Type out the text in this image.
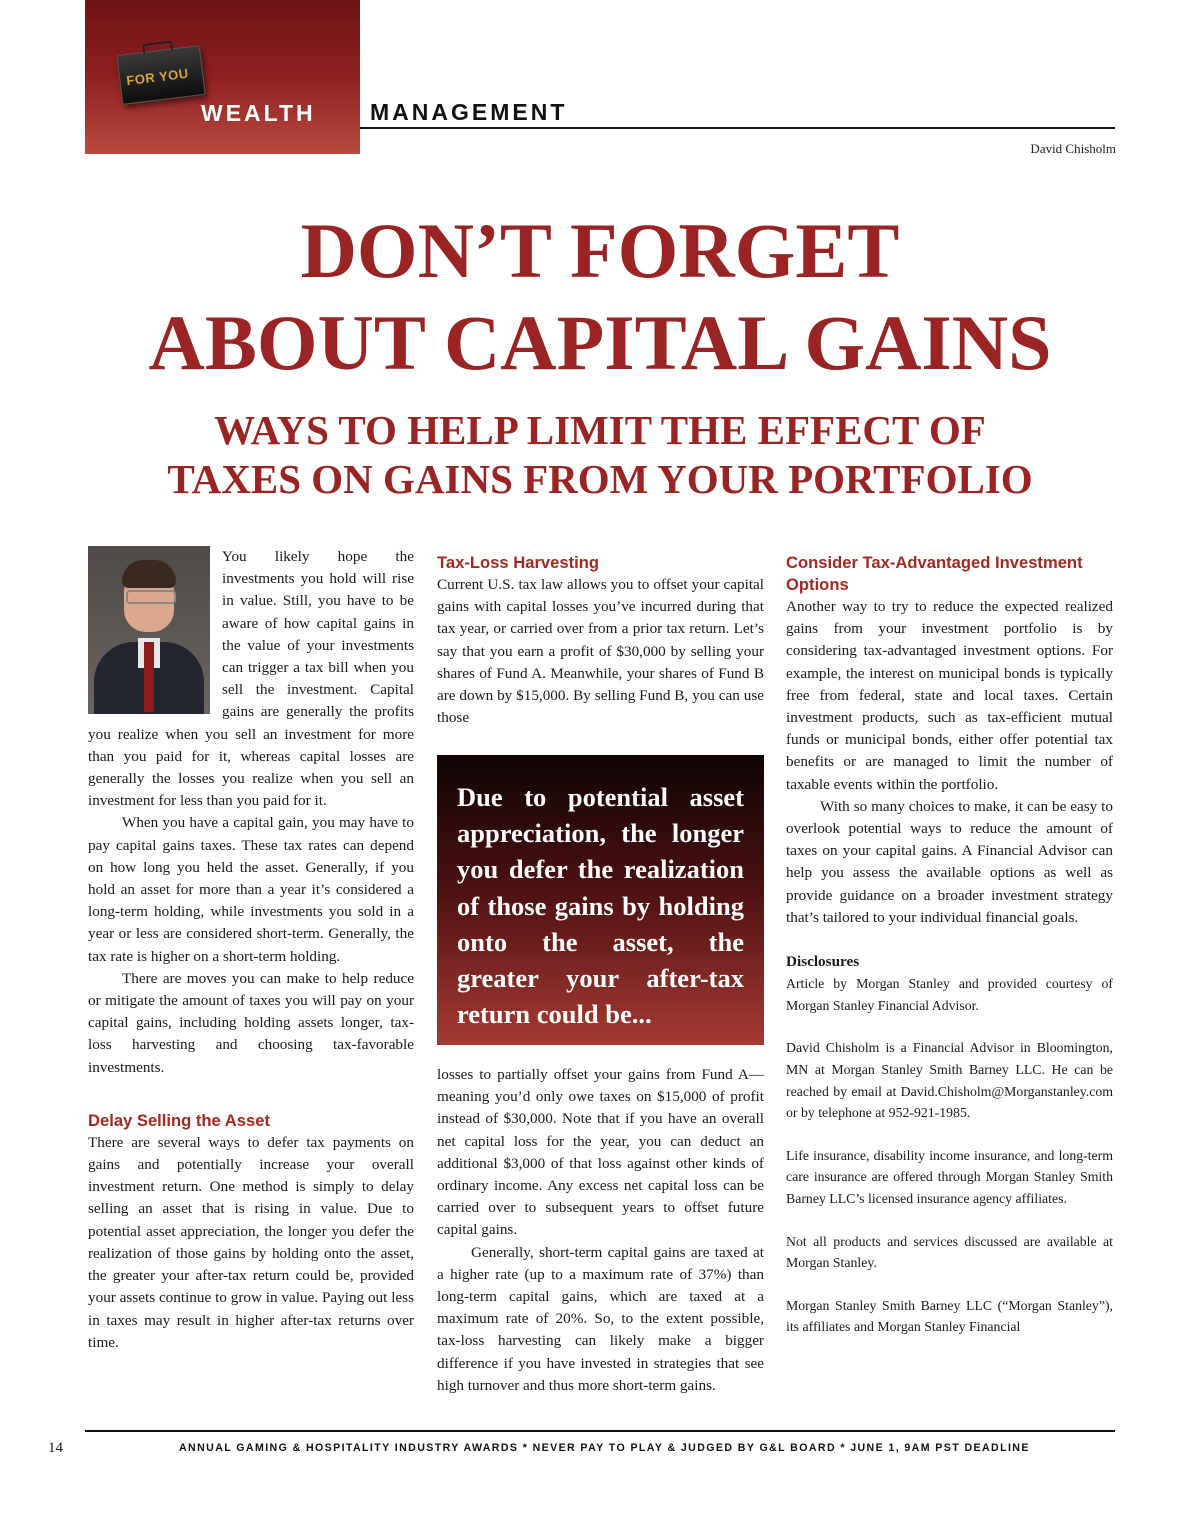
FOR YOU
WEALTH MANAGEMENT
David Chisholm
DON’T FORGET
ABOUT CAPITAL GAINS
WAYS TO HELP LIMIT THE EFFECT OF
TAXES ON GAINS FROM YOUR PORTFOLIO

You likely hope the investments you hold will rise in value. Still, you have to be aware of how capital gains in the value of your investments can trigger a tax bill when you sell the investment. Capital gains are generally the profits you realize when you sell an investment for more than you paid for it, whereas capital losses are generally the losses you realize when you sell an investment for less than you paid for it.

When you have a capital gain, you may have to pay capital gains taxes. These tax rates can depend on how long you held the asset. Generally, if you hold an asset for more than a year it’s considered a long-term holding, while investments you sold in a year or less are considered short-term. Generally, the tax rate is higher on a short-term holding.

There are moves you can make to help reduce or mitigate the amount of taxes you will pay on your capital gains, including holding assets longer, tax-loss harvesting and choosing tax-favorable investments.

Delay Selling the Asset

There are several ways to defer tax payments on gains and potentially increase your overall investment return. One method is simply to delay selling an asset that is rising in value. Due to potential asset appreciation, the longer you defer the realization of those gains by holding onto the asset, the greater your after-tax return could be, provided your assets continue to grow in value. Paying out less in taxes may result in higher after-tax returns over time.

Tax-Loss Harvesting

Current U.S. tax law allows you to offset your capital gains with capital losses you’ve incurred during that tax year, or carried over from a prior tax return. Let’s say that you earn a profit of $30,000 by selling your shares of Fund A. Meanwhile, your shares of Fund B are down by $15,000. By selling Fund B, you can use those

Due to potential asset appreciation, the longer you defer the realization of those gains by holding onto the asset, the greater your after-tax return could be...

losses to partially offset your gains from Fund A—meaning you’d only owe taxes on $15,000 of profit instead of $30,000. Note that if you have an overall net capital loss for the year, you can deduct an additional $3,000 of that loss against other kinds of ordinary income. Any excess net capital loss can be carried over to subsequent years to offset future capital gains.

Generally, short-term capital gains are taxed at a higher rate (up to a maximum rate of 37%) than long-term capital gains, which are taxed at a maximum rate of 20%. So, to the extent possible, tax-loss harvesting can likely make a bigger difference if you have invested in strategies that see high turnover and thus more short-term gains.

Consider Tax-Advantaged Investment Options

Another way to try to reduce the expected realized gains from your investment portfolio is by considering tax-advantaged investment options. For example, the interest on municipal bonds is typically free from federal, state and local taxes. Certain investment products, such as tax-efficient mutual funds or municipal bonds, either offer potential tax benefits or are managed to limit the number of taxable events within the portfolio.

With so many choices to make, it can be easy to overlook potential ways to reduce the amount of taxes on your capital gains. A Financial Advisor can help you assess the available options as well as provide guidance on a broader investment strategy that’s tailored to your individual financial goals.

Disclosures

Article by Morgan Stanley and provided courtesy of Morgan Stanley Financial Advisor.

David Chisholm is a Financial Advisor in Bloomington, MN at Morgan Stanley Smith Barney LLC. He can be reached by email at David.Chisholm@Morganstanley.com or by telephone at 952-921-1985.

Life insurance, disability income insurance, and long-term care insurance are offered through Morgan Stanley Smith Barney LLC’s licensed insurance agency affiliates.

Not all products and services discussed are available at Morgan Stanley.

Morgan Stanley Smith Barney LLC (“Morgan Stanley”), its affiliates and Morgan Stanley Financial

14	ANNUAL GAMING & HOSPITALITY INDUSTRY AWARDS * NEVER PAY TO PLAY & JUDGED BY G&L BOARD * JUNE 1, 9AM PST DEADLINE
